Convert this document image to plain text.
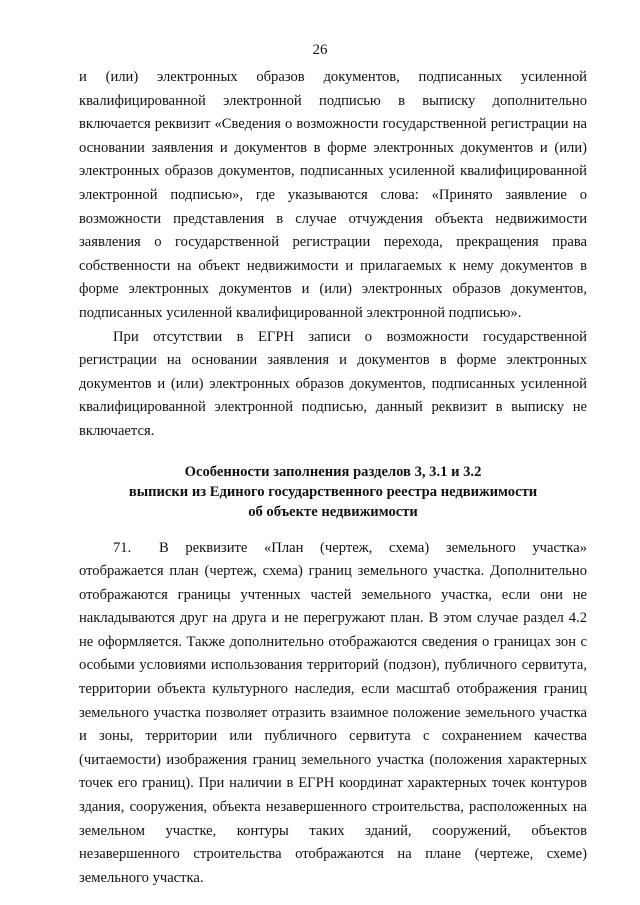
26

и (или) электронных образов документов, подписанных усиленной квалифицированной электронной подписью в выписку дополнительно включается реквизит «Сведения о возможности государственной регистрации на основании заявления и документов в форме электронных документов и (или) электронных образов документов, подписанных усиленной квалифицированной электронной подписью», где указываются слова: «Принято заявление о возможности представления в случае отчуждения объекта недвижимости заявления о государственной регистрации перехода, прекращения права собственности на объект недвижимости и прилагаемых к нему документов в форме электронных документов и (или) электронных образов документов, подписанных усиленной квалифицированной электронной подписью».

При отсутствии в ЕГРН записи о возможности государственной регистрации на основании заявления и документов в форме электронных документов и (или) электронных образов документов, подписанных усиленной квалифицированной электронной подписью, данный реквизит в выписку не включается.

Особенности заполнения разделов 3, 3.1 и 3.2
выписки из Единого государственного реестра недвижимости
об объекте недвижимости

71. В реквизите «План (чертеж, схема) земельного участка» отображается план (чертеж, схема) границ земельного участка. Дополнительно отображаются границы учтенных частей земельного участка, если они не накладываются друг на друга и не перегружают план. В этом случае раздел 4.2 не оформляется. Также дополнительно отображаются сведения о границах зон с особыми условиями использования территорий (подзон), публичного сервитута, территории объекта культурного наследия, если масштаб отображения границ земельного участка позволяет отразить взаимное положение земельного участка и зоны, территории или публичного сервитута с сохранением качества (читаемости) изображения границ земельного участка (положения характерных точек его границ). При наличии в ЕГРН координат характерных точек контуров здания, сооружения, объекта незавершенного строительства, расположенных на земельном участке, контуры таких зданий, сооружений, объектов незавершенного строительства отображаются на плане (чертеже, схеме) земельного участка.
